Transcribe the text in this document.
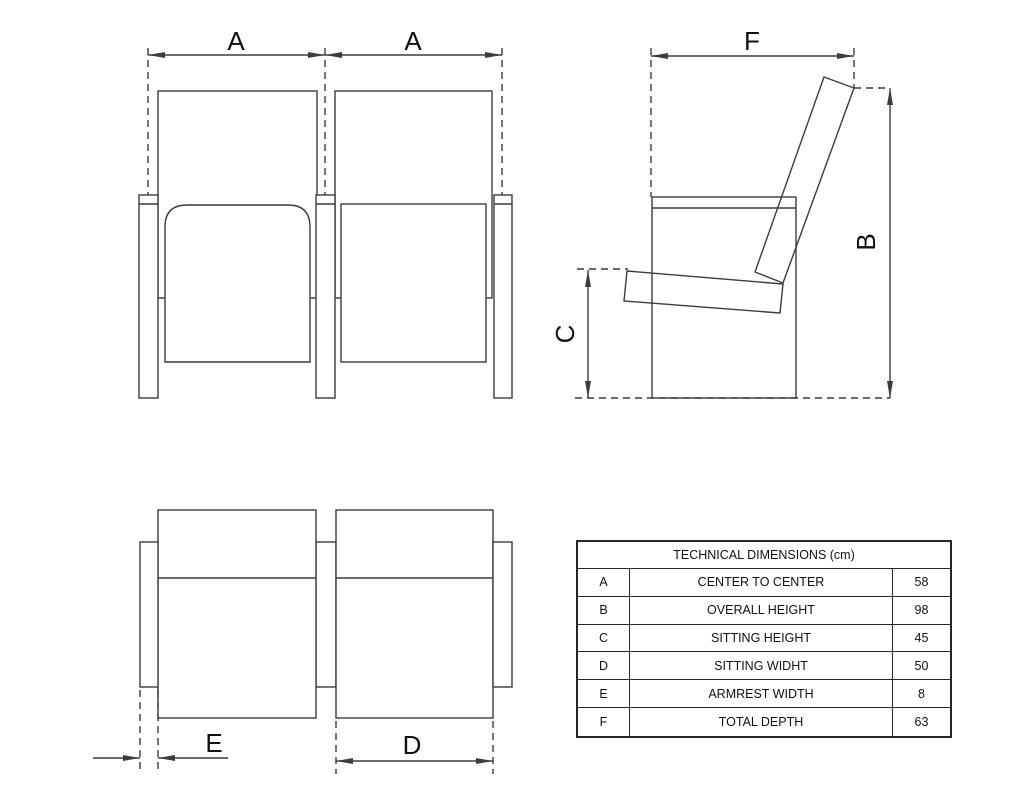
A	A	F
B
C
E	D
TECHNICAL DIMENSIONS (cm)
A	CENTER TO CENTER	58
B	OVERALL HEIGHT	98
C	SITTING HEIGHT	45
D	SITTING WIDHT	50
E	ARMREST WIDTH	8
F	TOTAL DEPTH	63
